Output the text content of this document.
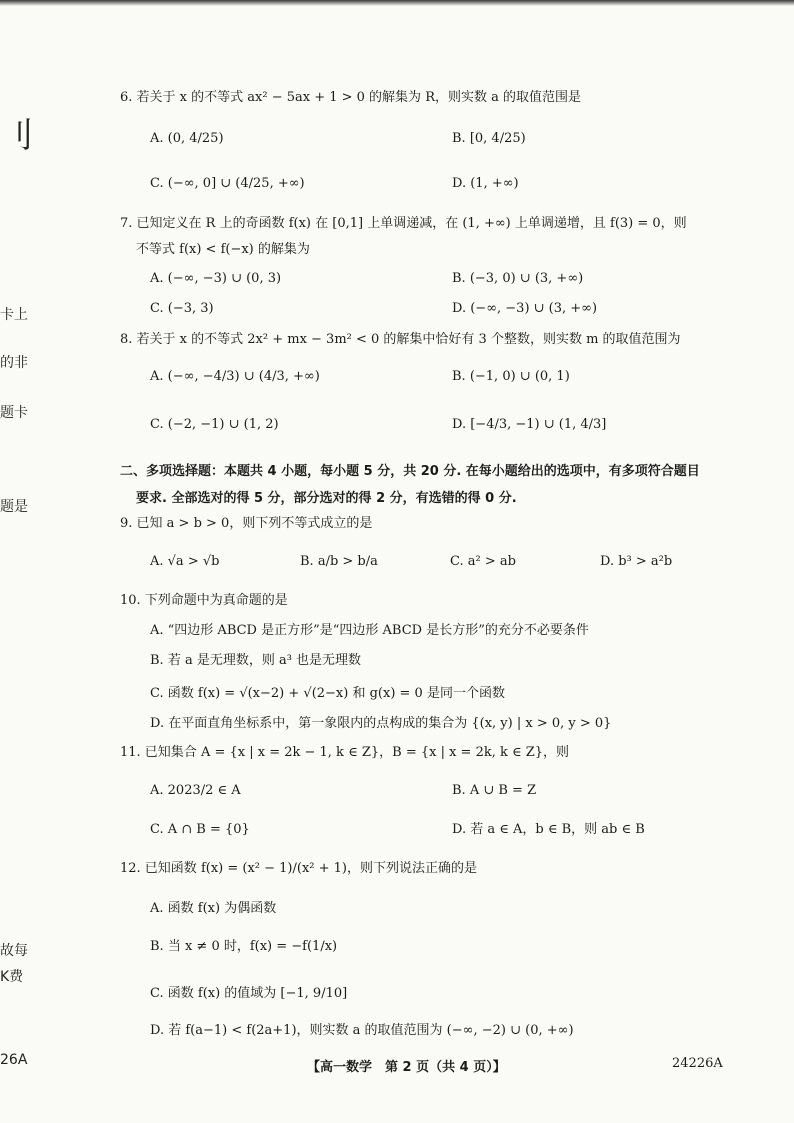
刂
卡上
的非
题卡
题是
故每
K费
26A
6. 若关于 x 的不等式 ax² − 5ax + 1 > 0 的解集为 R，则实数 a 的取值范围是
A. (0, 4/25)	B. [0, 4/25)
C. (−∞, 0] ∪ (4/25, +∞)	D. (1, +∞)
7. 已知定义在 R 上的奇函数 f(x) 在 [0,1] 上单调递减，在 (1, +∞) 上单调递增，且 f(3) = 0，则
不等式 f(x) < f(−x) 的解集为
A. (−∞, −3) ∪ (0, 3)	B. (−3, 0) ∪ (3, +∞)
C. (−3, 3)	D. (−∞, −3) ∪ (3, +∞)
8. 若关于 x 的不等式 2x² + mx − 3m² < 0 的解集中恰好有 3 个整数，则实数 m 的取值范围为
A. (−∞, −4/3) ∪ (4/3, +∞)	B. (−1, 0) ∪ (0, 1)
C. (−2, −1) ∪ (1, 2)	D. [−4/3, −1) ∪ (1, 4/3]
二、多项选择题：本题共 4 小题，每小题 5 分，共 20 分. 在每小题给出的选项中，有多项符合题目
要求. 全部选对的得 5 分，部分选对的得 2 分，有选错的得 0 分.
9. 已知 a > b > 0，则下列不等式成立的是
A. √a > √b	B. a/b > b/a	C. a² > ab	D. b³ > a²b
10. 下列命题中为真命题的是
A. “四边形 ABCD 是正方形”是“四边形 ABCD 是长方形”的充分不必要条件
B. 若 a 是无理数，则 a³ 也是无理数
C. 函数 f(x) = √(x−2) + √(2−x) 和 g(x) = 0 是同一个函数
D. 在平面直角坐标系中，第一象限内的点构成的集合为 {(x, y) | x > 0, y > 0}
11. 已知集合 A = {x | x = 2k − 1, k ∈ Z}，B = {x | x = 2k, k ∈ Z}，则
A. 2023/2 ∈ A	B. A ∪ B = Z
C. A ∩ B = {0}	D. 若 a ∈ A，b ∈ B，则 ab ∈ B
12. 已知函数 f(x) = (x² − 1)/(x² + 1)，则下列说法正确的是
A. 函数 f(x) 为偶函数
B. 当 x ≠ 0 时，f(x) = −f(1/x)
C. 函数 f(x) 的值域为 [−1, 9/10]
D. 若 f(a−1) < f(2a+1)，则实数 a 的取值范围为 (−∞, −2) ∪ (0, +∞)
【高一数学　第 2 页（共 4 页）】	24226A
